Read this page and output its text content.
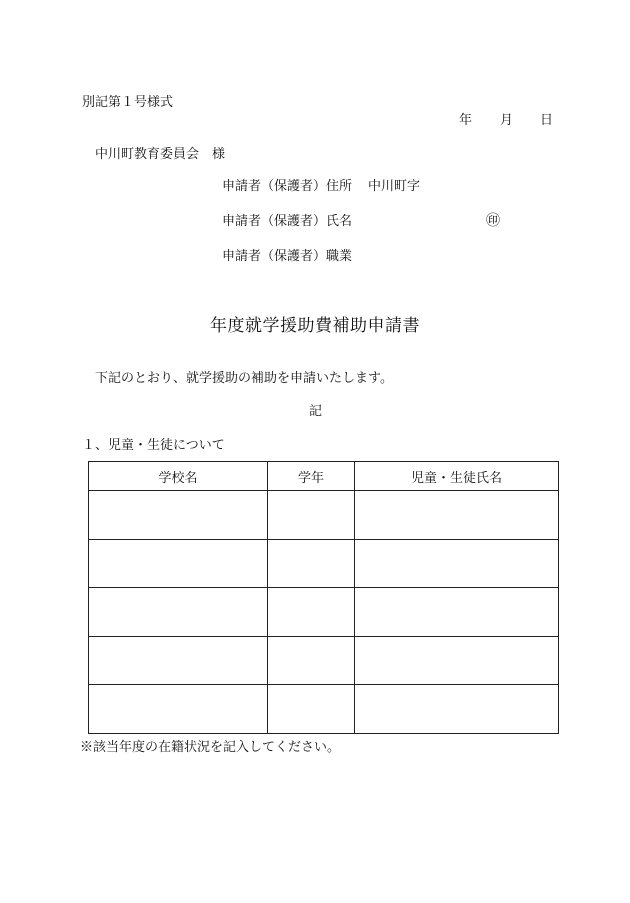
別記第１号様式
年 月 日
中川町教育委員会　様
申請者（保護者）住所 中川町字
申請者（保護者）氏名	㊞
申請者（保護者）職業
年度就学援助費補助申請書
下記のとおり、就学援助の補助を申請いたします。
記
１、児童・生徒について
学校名	学年	児童・生徒氏名

※該当年度の在籍状況を記入してください。
